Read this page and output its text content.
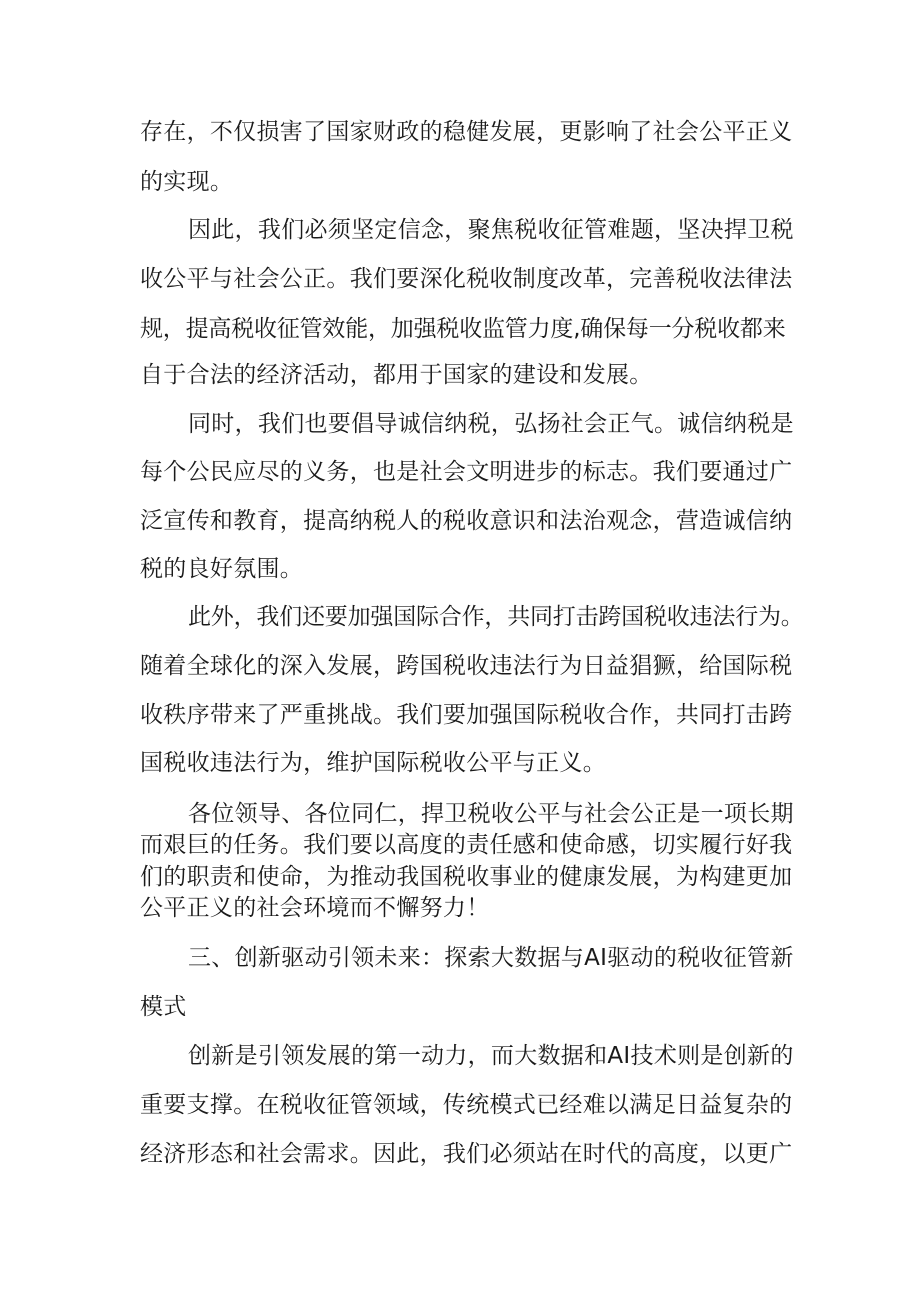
存在，不仅损害了国家财政的稳健发展，更影响了社会公平正义
的实现。
因此，我们必须坚定信念，聚焦税收征管难题，坚决捍卫税
收公平与社会公正。我们要深化税收制度改革，完善税收法律法
规，提高税收征管效能，加强税收监管力度,确保每一分税收都来
自于合法的经济活动，都用于国家的建设和发展。
同时，我们也要倡导诚信纳税，弘扬社会正气。诚信纳税是
每个公民应尽的义务，也是社会文明进步的标志。我们要通过广
泛宣传和教育，提高纳税人的税收意识和法治观念，营造诚信纳
税的良好氛围。
此外，我们还要加强国际合作，共同打击跨国税收违法行为。
随着全球化的深入发展，跨国税收违法行为日益猖獗，给国际税
收秩序带来了严重挑战。我们要加强国际税收合作，共同打击跨
国税收违法行为，维护国际税收公平与正义。
各位领导、各位同仁，捍卫税收公平与社会公正是一项长期
而艰巨的任务。我们要以高度的责任感和使命感，切实履行好我
们的职责和使命，为推动我国税收事业的健康发展，为构建更加
公平正义的社会环境而不懈努力！
三、创新驱动引领未来：探索大数据与AI驱动的税收征管新
模式
创新是引领发展的第一动力，而大数据和AI技术则是创新的
重要支撑。在税收征管领域，传统模式已经难以满足日益复杂的
经济形态和社会需求。因此，我们必须站在时代的高度，以更广
